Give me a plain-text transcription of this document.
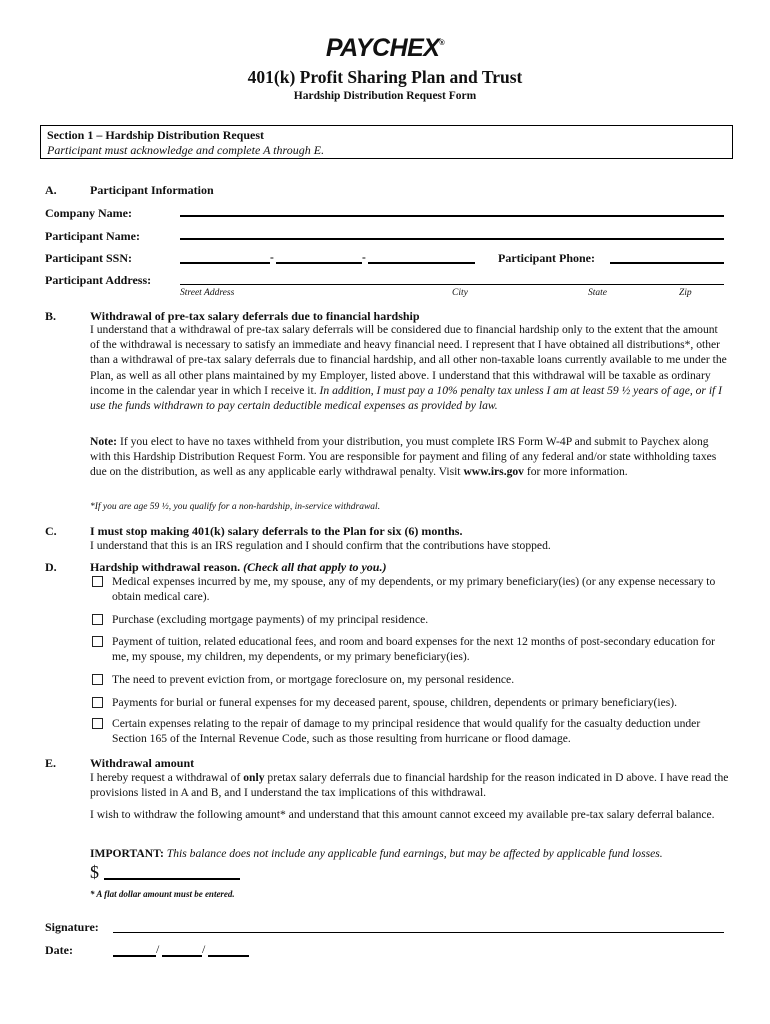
PAYCHEX®
401(k) Profit Sharing Plan and Trust
Hardship Distribution Request Form
Section 1 – Hardship Distribution Request
Participant must acknowledge and complete A through E.
A.	Participant Information
Company Name:
Participant Name:
Participant SSN:	-	-	Participant Phone:
Participant Address:
Street Address	City	State	Zip
B.	Withdrawal of pre-tax salary deferrals due to financial hardship
I understand that a withdrawal of pre-tax salary deferrals will be considered due to financial hardship only to the extent that the amount of the withdrawal is necessary to satisfy an immediate and heavy financial need. I represent that I have obtained all distributions*, other than a withdrawal of pre-tax salary deferrals due to financial hardship, and all other non-taxable loans currently available to me under the Plan, as well as all other plans maintained by my Employer, listed above. I understand that this withdrawal will be taxable as ordinary income in the calendar year in which I receive it. In addition, I must pay a 10% penalty tax unless I am at least 59 ½ years of age, or if I use the funds withdrawn to pay certain deductible medical expenses as provided by law.
Note: If you elect to have no taxes withheld from your distribution, you must complete IRS Form W-4P and submit to Paychex along with this Hardship Distribution Request Form. You are responsible for payment and filing of any federal and/or state withholding taxes due on the distribution, as well as any applicable early withdrawal penalty. Visit www.irs.gov for more information.
*If you are age 59 ½, you qualify for a non-hardship, in-service withdrawal.
C.	I must stop making 401(k) salary deferrals to the Plan for six (6) months.
I understand that this is an IRS regulation and I should confirm that the contributions have stopped.
D.	Hardship withdrawal reason. (Check all that apply to you.)
Medical expenses incurred by me, my spouse, any of my dependents, or my primary beneficiary(ies) (or any expense necessary to obtain medical care).
Purchase (excluding mortgage payments) of my principal residence.
Payment of tuition, related educational fees, and room and board expenses for the next 12 months of post-secondary education for me, my spouse, my children, my dependents, or my primary beneficiary(ies).
The need to prevent eviction from, or mortgage foreclosure on, my personal residence.
Payments for burial or funeral expenses for my deceased parent, spouse, children, dependents or primary beneficiary(ies).
Certain expenses relating to the repair of damage to my principal residence that would qualify for the casualty deduction under Section 165 of the Internal Revenue Code, such as those resulting from hurricane or flood damage.
E.	Withdrawal amount
I hereby request a withdrawal of only pretax salary deferrals due to financial hardship for the reason indicated in D above. I have read the provisions listed in A and B, and I understand the tax implications of this withdrawal.
I wish to withdraw the following amount* and understand that this amount cannot exceed my available pre-tax salary deferral balance.
IMPORTANT: This balance does not include any applicable fund earnings, but may be affected by applicable fund losses.
$
* A flat dollar amount must be entered.
Signature:
Date:	/	/
